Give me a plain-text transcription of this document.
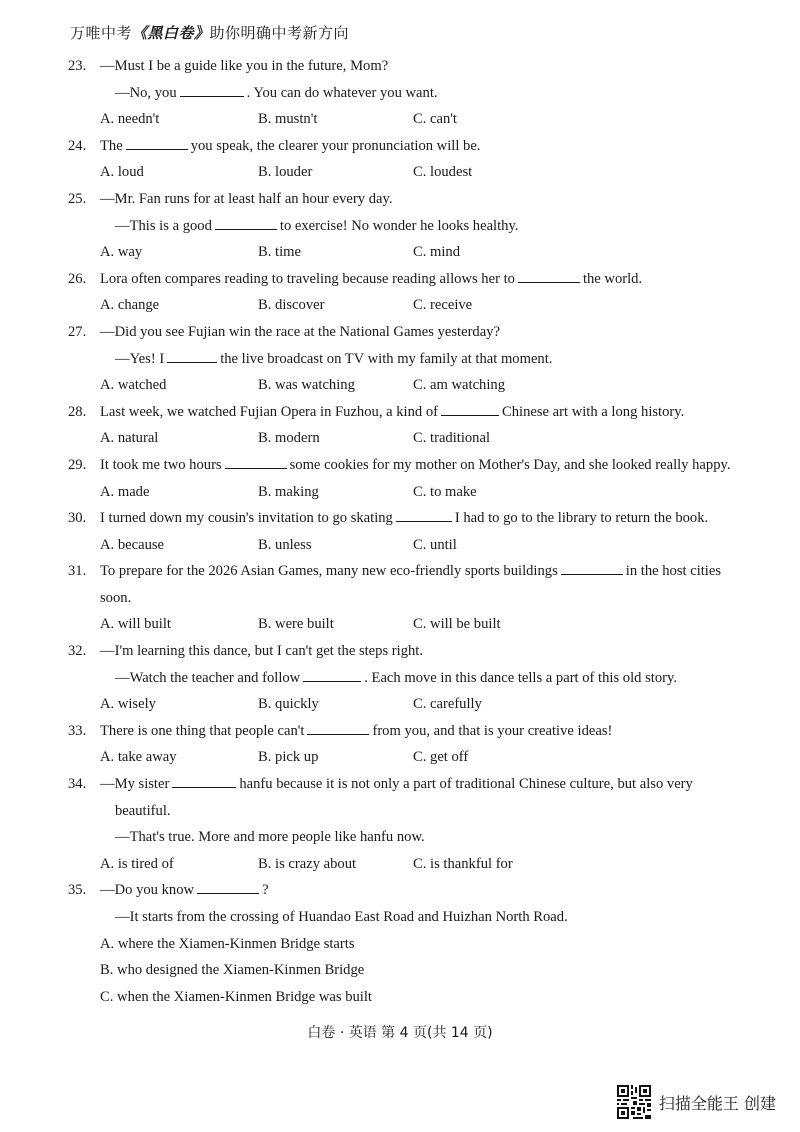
万唯中考《黑白卷》助你明确中考新方向
23. —Must I be a guide like you in the future, Mom?
—No, you	. You can do whatever you want.
A. needn't	B. mustn't	C. can't
24. The	you speak, the clearer your pronunciation will be.
A. loud	B. louder	C. loudest
25. —Mr. Fan runs for at least half an hour every day.
—This is a good	to exercise! No wonder he looks healthy.
A. way	B. time	C. mind
26. Lora often compares reading to traveling because reading allows her to	the world.
A. change	B. discover	C. receive
27. —Did you see Fujian win the race at the National Games yesterday?
—Yes! I	the live broadcast on TV with my family at that moment.
A. watched	B. was watching	C. am watching
28. Last week, we watched Fujian Opera in Fuzhou, a kind of	Chinese art with a long history.
A. natural	B. modern	C. traditional
29. It took me two hours	some cookies for my mother on Mother's Day, and she looked really happy.
A. made	B. making	C. to make
30. I turned down my cousin's invitation to go skating	I had to go to the library to return the book.
A. because	B. unless	C. until
31. To prepare for the 2026 Asian Games, many new eco-friendly sports buildings	in the host cities
soon.
A. will built	B. were built	C. will be built
32. —I'm learning this dance, but I can't get the steps right.
—Watch the teacher and follow	. Each move in this dance tells a part of this old story.
A. wisely	B. quickly	C. carefully
33. There is one thing that people can't	from you, and that is your creative ideas!
A. take away	B. pick up	C. get off
34. —My sister	hanfu because it is not only a part of traditional Chinese culture, but also very
beautiful.
—That's true. More and more people like hanfu now.
A. is tired of	B. is crazy about	C. is thankful for
35. —Do you know	?
—It starts from the crossing of Huandao East Road and Huizhan North Road.
A. where the Xiamen-Kinmen Bridge starts
B. who designed the Xiamen-Kinmen Bridge
C. when the Xiamen-Kinmen Bridge was built
白卷 · 英语 第 4 页(共 14 页)
扫描全能王 创建
